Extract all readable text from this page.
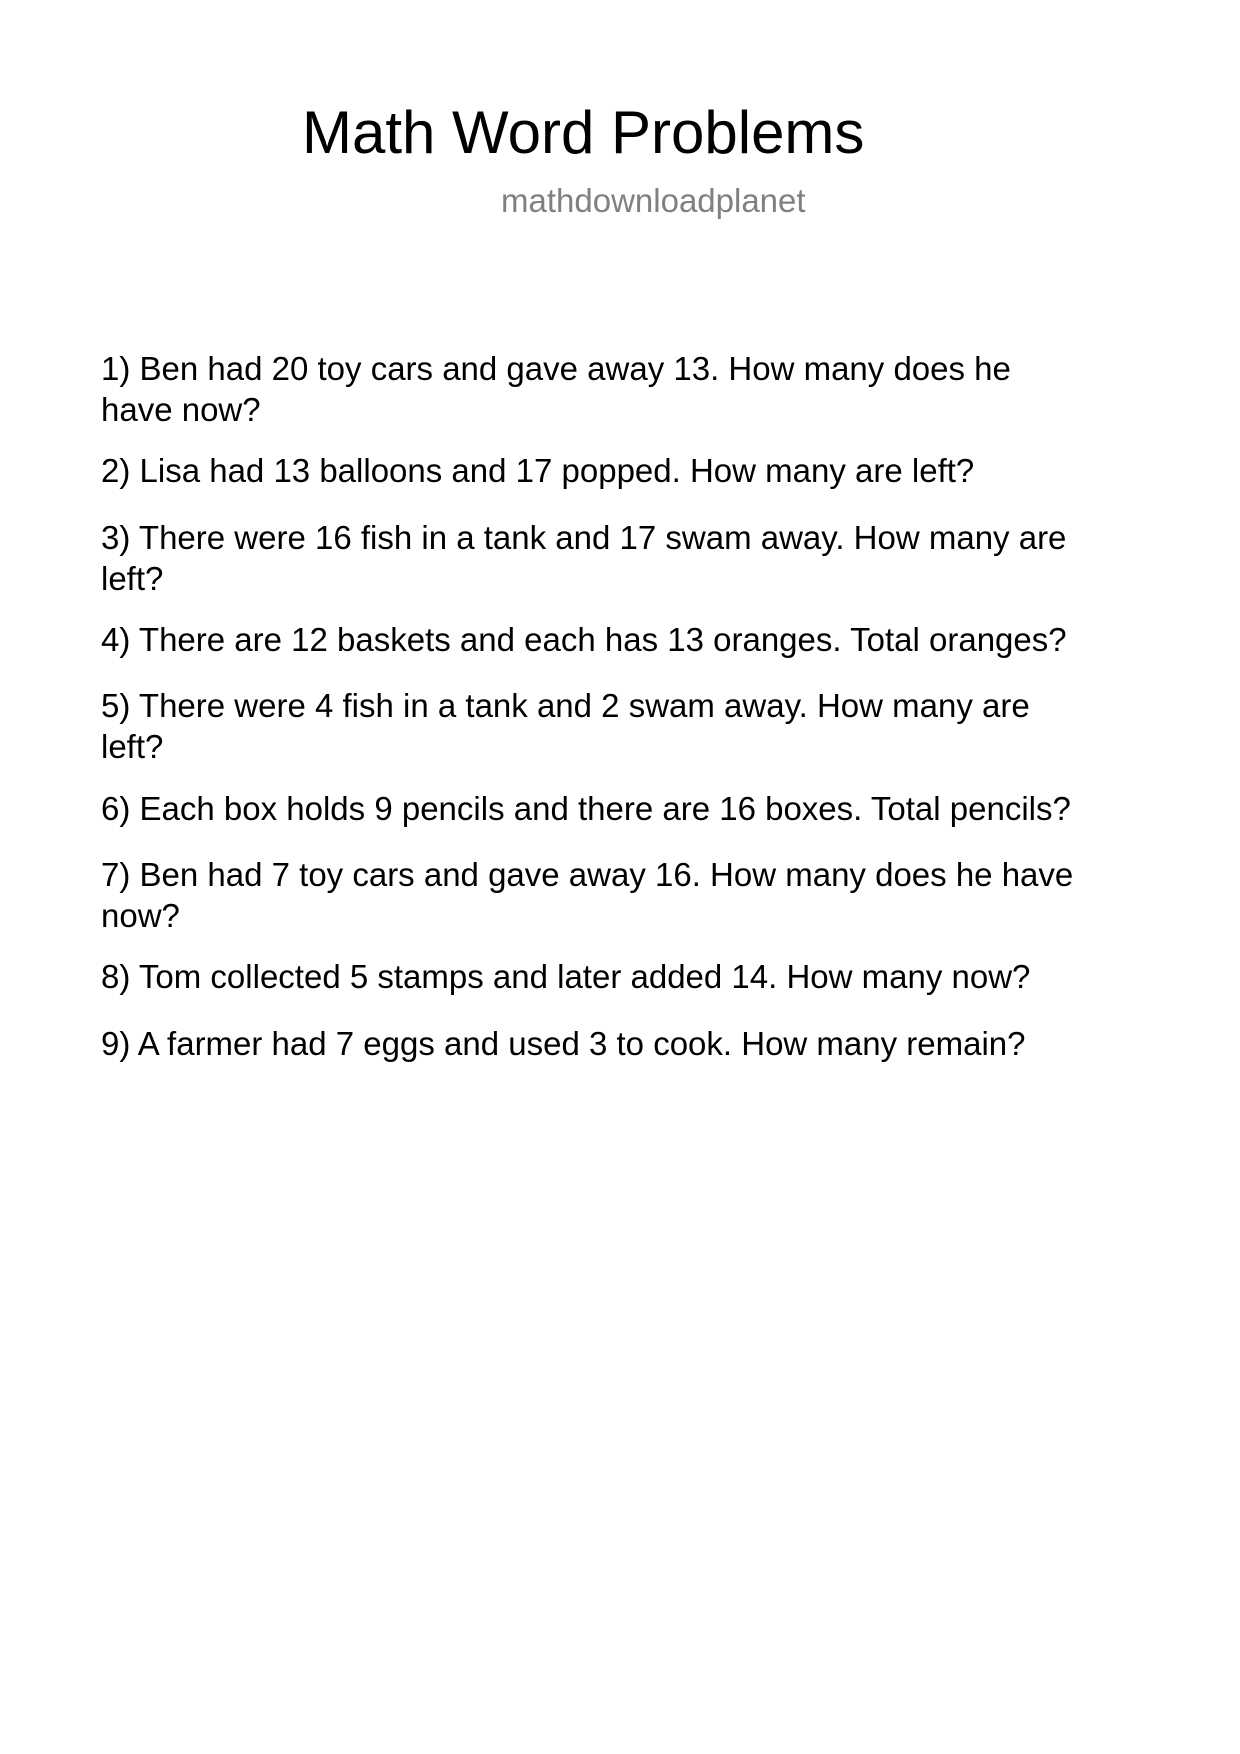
Math Word Problems
mathdownloadplanet
1) Ben had 20 toy cars and gave away 13. How many does he
have now?
2) Lisa had 13 balloons and 17 popped. How many are left?
3) There were 16 fish in a tank and 17 swam away. How many are
left?
4) There are 12 baskets and each has 13 oranges. Total oranges?
5) There were 4 fish in a tank and 2 swam away. How many are
left?
6) Each box holds 9 pencils and there are 16 boxes. Total pencils?
7) Ben had 7 toy cars and gave away 16. How many does he have
now?
8) Tom collected 5 stamps and later added 14. How many now?
9) A farmer had 7 eggs and used 3 to cook. How many remain?
